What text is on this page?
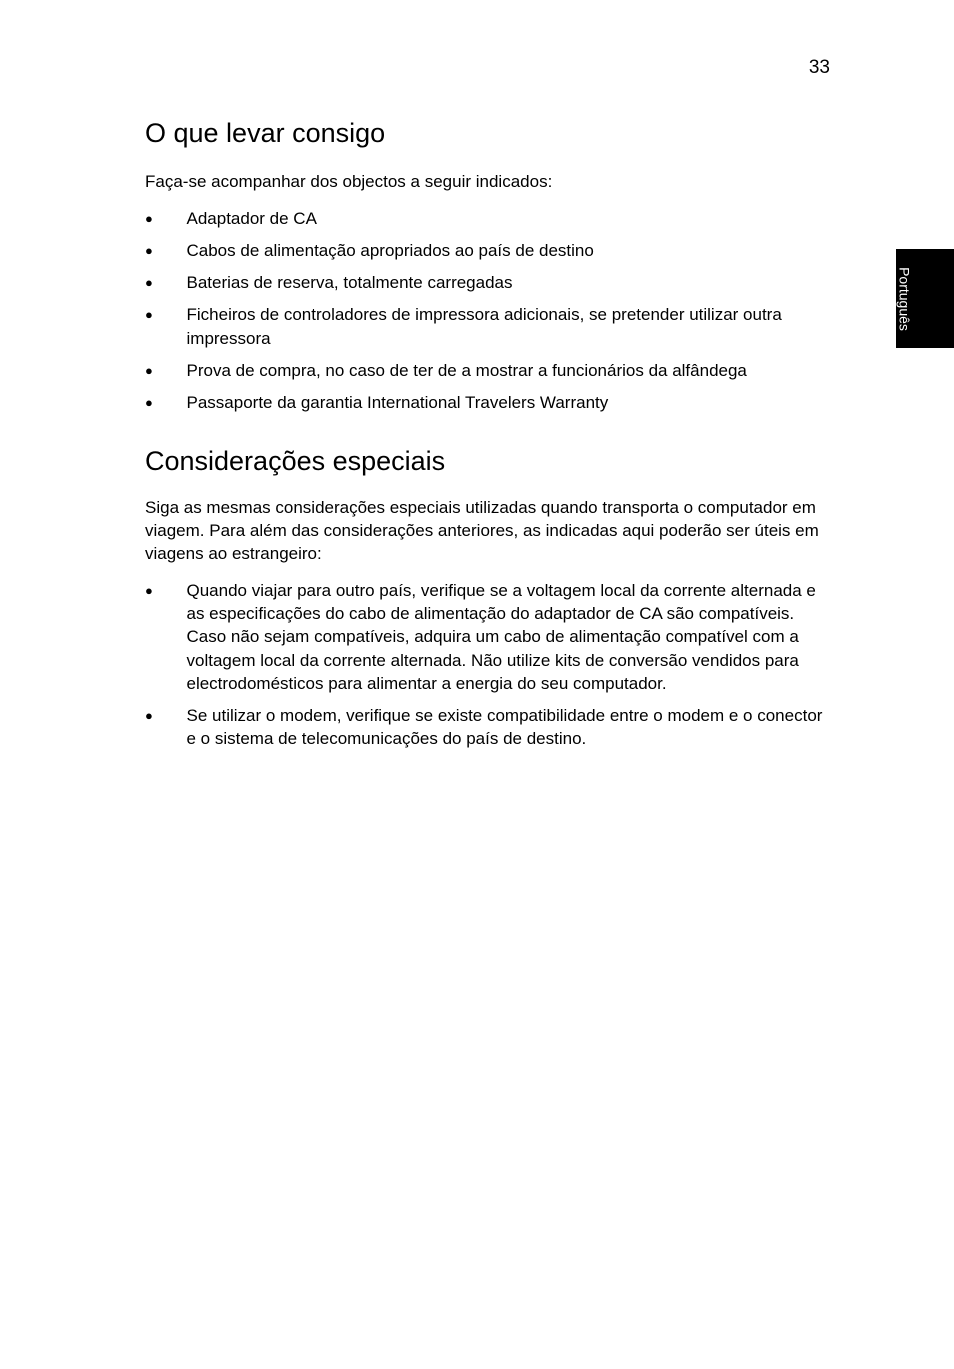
33
Português
O que levar consigo

Faça-se acompanhar dos objectos a seguir indicados:

● Adaptador de CA
● Cabos de alimentação apropriados ao país de destino
● Baterias de reserva, totalmente carregadas
● Ficheiros de controladores de impressora adicionais, se pretender utilizar outra impressora
● Prova de compra, no caso de ter de a mostrar a funcionários da alfândega
● Passaporte da garantia International Travelers Warranty
Considerações especiais

Siga as mesmas considerações especiais utilizadas quando transporta o computador em viagem. Para além das considerações anteriores, as indicadas aqui poderão ser úteis em viagens ao estrangeiro:

● Quando viajar para outro país, verifique se a voltagem local da corrente alternada e as especificações do cabo de alimentação do adaptador de CA são compatíveis. Caso não sejam compatíveis, adquira um cabo de alimentação compatível com a voltagem local da corrente alternada. Não utilize kits de conversão vendidos para electrodomésticos para alimentar a energia do seu computador.
● Se utilizar o modem, verifique se existe compatibilidade entre o modem e o conector e o sistema de telecomunicações do país de destino.
